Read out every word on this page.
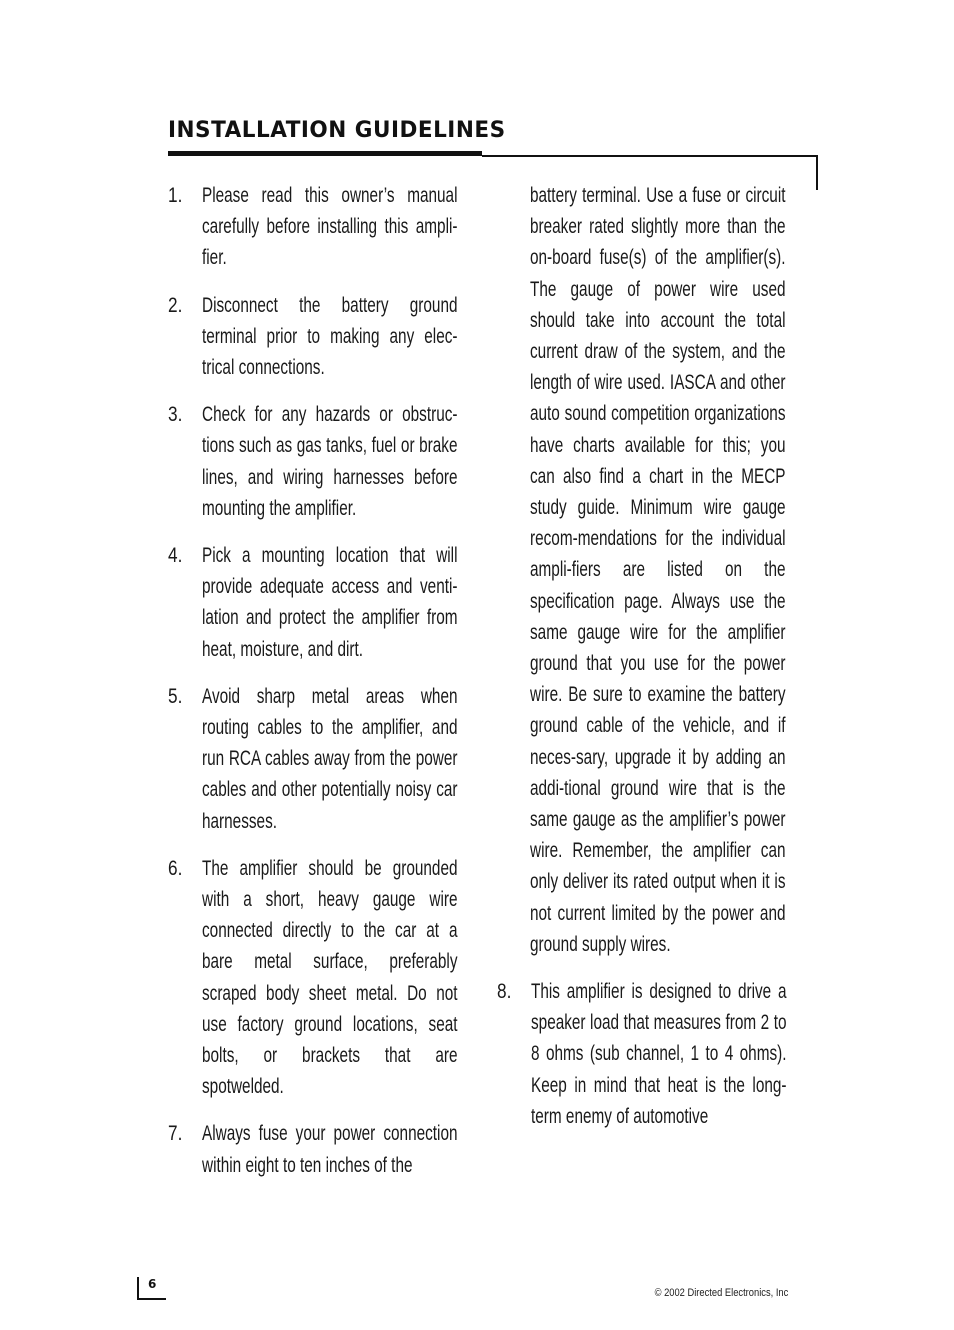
INSTALLATION GUIDELINES
1. Please read this owner’s manual carefully before installing this ampli-fier.
2. Disconnect the battery ground terminal prior to making any elec-trical connections.
3. Check for any hazards or obstruc-tions such as gas tanks, fuel or brake lines, and wiring harnesses before mounting the amplifier.
4. Pick a mounting location that will provide adequate access and venti-lation and protect the amplifier from heat, moisture, and dirt.
5. Avoid sharp metal areas when routing cables to the amplifier, and run RCA cables away from the power cables and other potentially noisy car harnesses.
6. The amplifier should be grounded with a short, heavy gauge wire connected directly to the car at a bare metal surface, preferably scraped body sheet metal. Do not use factory ground locations, seat bolts, or brackets that are spotwelded.
7. Always fuse your power connection within eight to ten inches of the
battery terminal. Use a fuse or circuit breaker rated slightly more than the on-board fuse(s) of the amplifier(s). The gauge of power wire used should take into account the total current draw of the system, and the length of wire used. IASCA and other auto sound competition organizations have charts available for this; you can also find a chart in the MECP study guide. Minimum wire gauge recom-mendations for the individual ampli-fiers are listed on the specification page. Always use the same gauge wire for the amplifier ground that you use for the power wire. Be sure to examine the battery ground cable of the vehicle, and if neces-sary, upgrade it by adding an addi-tional ground wire that is the same gauge as the amplifier’s power wire. Remember, the amplifier can only deliver its rated output when it is not current limited by the power and ground supply wires.
8. This amplifier is designed to drive a speaker load that measures from 2 to 8 ohms (sub channel, 1 to 4 ohms). Keep in mind that heat is the long-term enemy of automotive
6
© 2002 Directed Electronics, Inc
